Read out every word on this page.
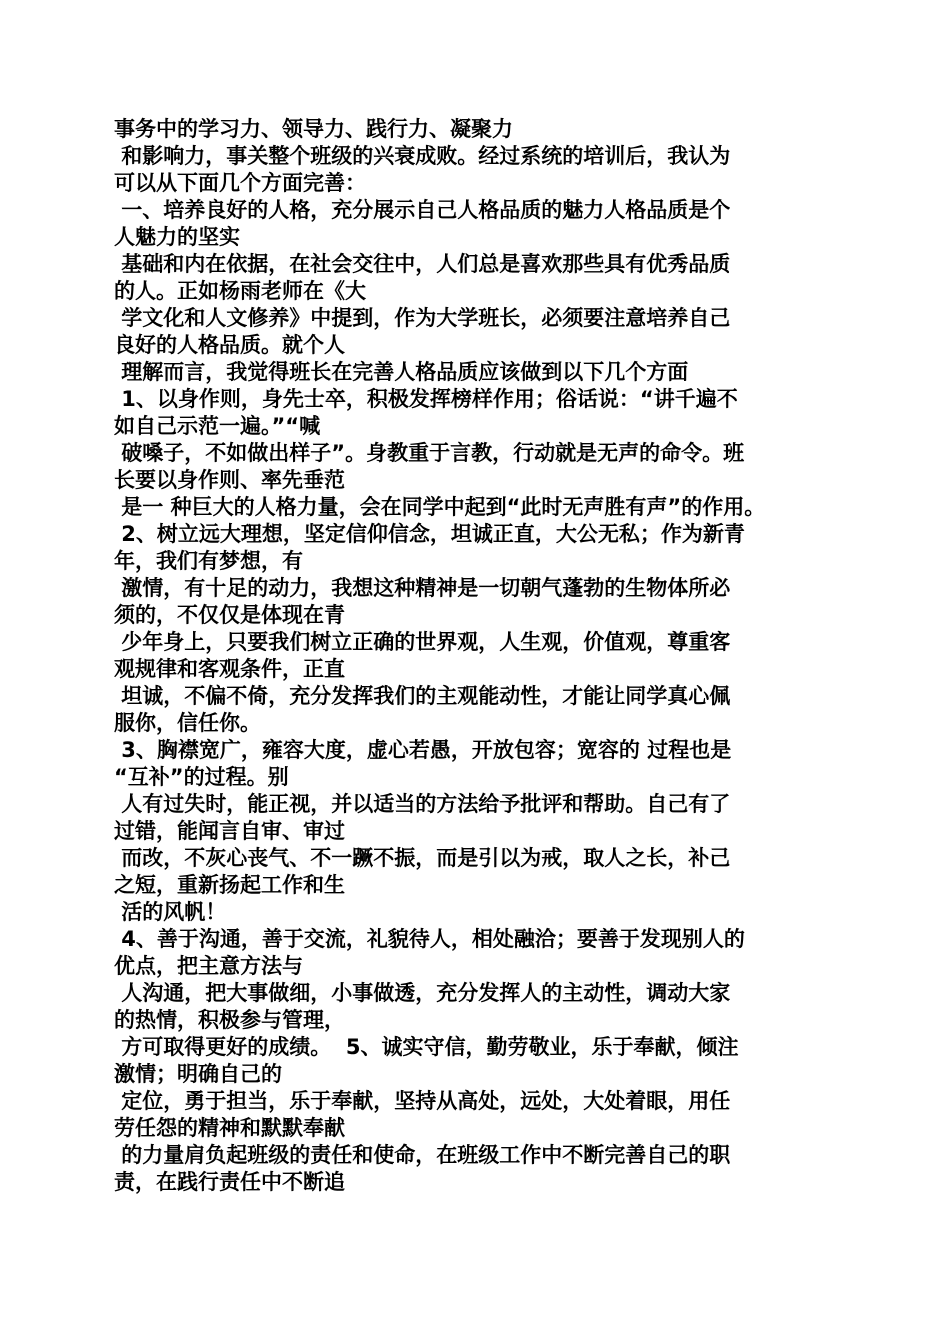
事务中的学习力、领导力、践行力、凝聚力
和影响力，事关整个班级的兴衰成败。经过系统的培训后，我认为
可以从下面几个方面完善：
一、培养良好的人格，充分展示自己人格品质的魅力人格品质是个
人魅力的坚实
基础和内在依据，在社会交往中，人们总是喜欢那些具有优秀品质
的人。正如杨雨老师在《大
学文化和人文修养》中提到，作为大学班长，必须要注意培养自己
良好的人格品质。就个人
理解而言，我觉得班长在完善人格品质应该做到以下几个方面
1、以身作则，身先士卒，积极发挥榜样作用；俗话说：“讲千遍不
如自己示范一遍。”“喊
破嗓子，不如做出样子”。身教重于言教，行动就是无声的命令。班
长要以身作则、率先垂范
是一 种巨大的人格力量，会在同学中起到“此时无声胜有声”的作用。
2、树立远大理想，坚定信仰信念，坦诚正直，大公无私；作为新青
年，我们有梦想，有
激情，有十足的动力，我想这种精神是一切朝气蓬勃的生物体所必
须的，不仅仅是体现在青
少年身上，只要我们树立正确的世界观，人生观，价值观，尊重客
观规律和客观条件，正直
坦诚，不偏不倚，充分发挥我们的主观能动性，才能让同学真心佩
服你，信任你。
3、胸襟宽广，雍容大度，虚心若愚，开放包容；宽容的 过程也是
“互补”的过程。别
人有过失时，能正视，并以适当的方法给予批评和帮助。自己有了
过错，能闻言自审、审过
而改，不灰心丧气、不一蹶不振，而是引以为戒，取人之长，补己
之短，重新扬起工作和生
活的风帆！
4、善于沟通，善于交流，礼貌待人，相处融洽；要善于发现别人的
优点，把主意方法与
人沟通，把大事做细，小事做透，充分发挥人的主动性，调动大家
的热情，积极参与管理，
方可取得更好的成绩。  5、诚实守信，勤劳敬业，乐于奉献，倾注
激情；明确自己的
定位，勇于担当，乐于奉献，坚持从高处，远处，大处着眼，用任
劳任怨的精神和默默奉献
的力量肩负起班级的责任和使命，在班级工作中不断完善自己的职
责，在践行责任中不断追
